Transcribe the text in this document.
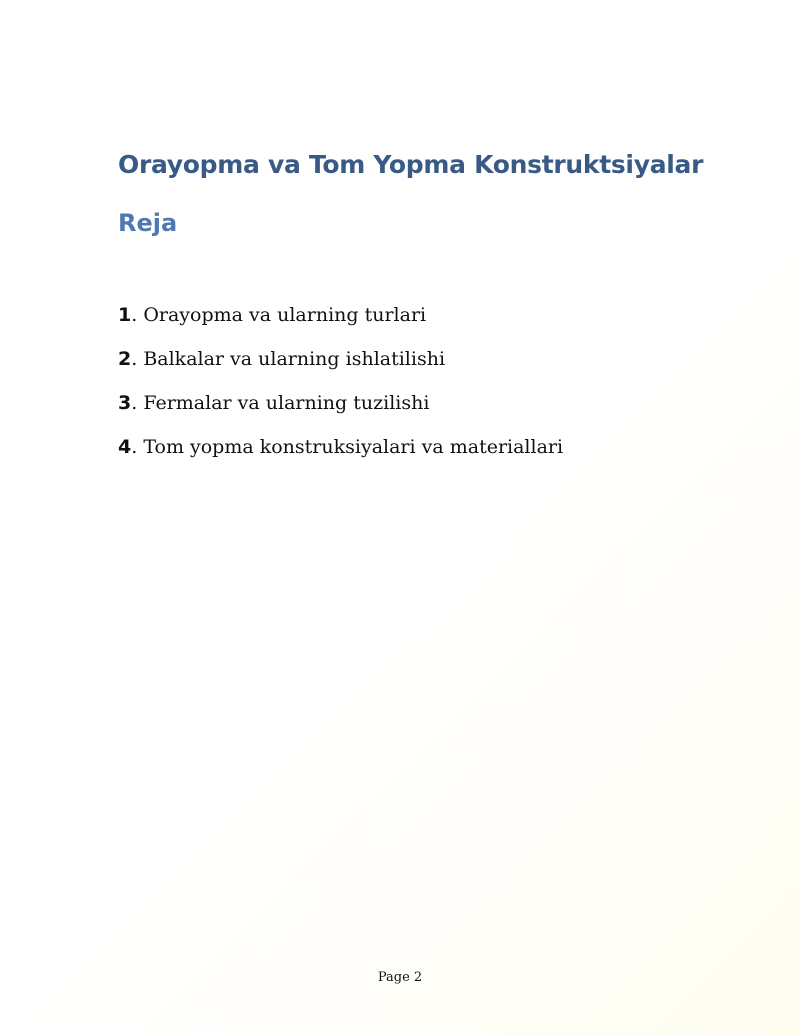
Orayopma va Tom Yopma Konstruktsiyalar
Reja
1. Orayopma va ularning turlari
2. Balkalar va ularning ishlatilishi
3. Fermalar va ularning tuzilishi
4. Tom yopma konstruksiyalari va materiallari
Page 2
